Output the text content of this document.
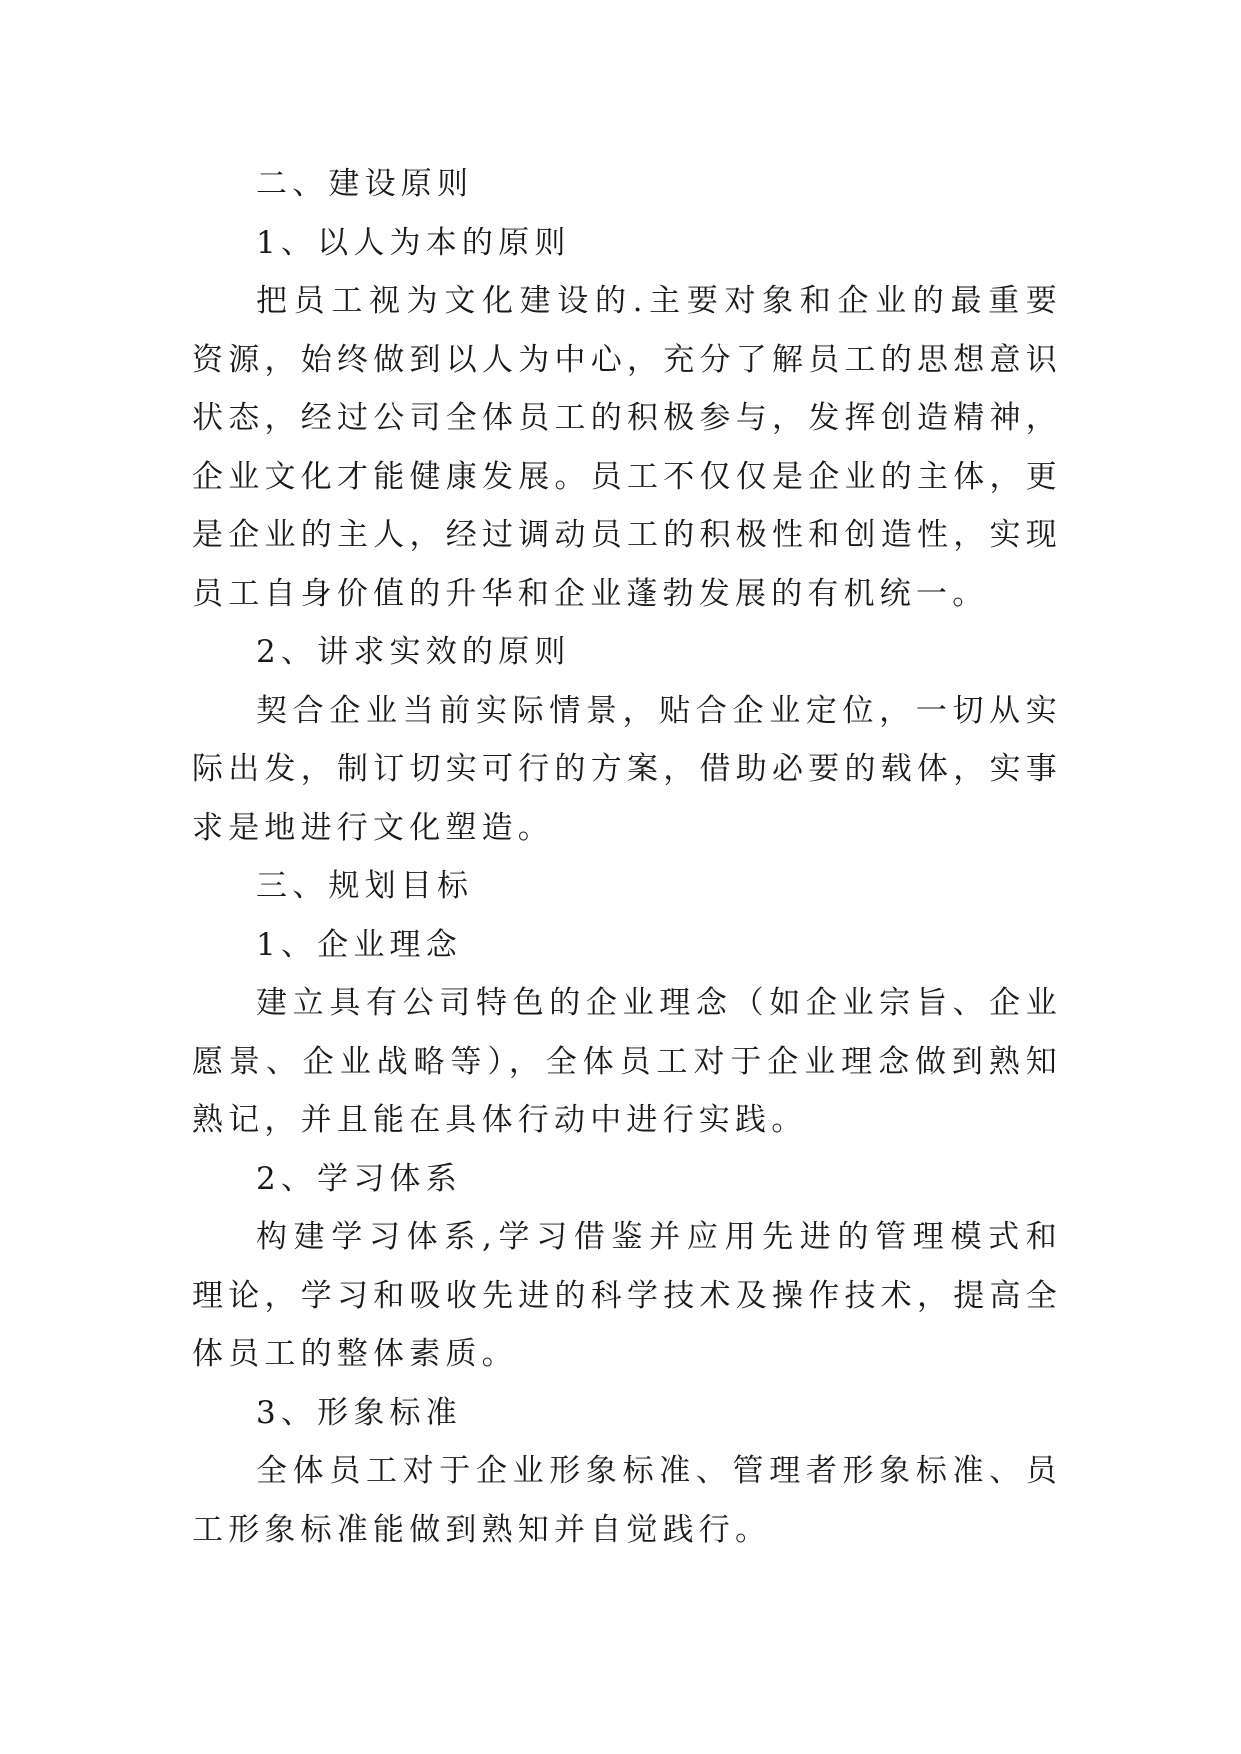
二、建设原则

1、以人为本的原则

把员工视为文化建设的.主要对象和企业的最重要资源，始终做到以人为中心，充分了解员工的思想意识状态，经过公司全体员工的积极参与，发挥创造精神，企业文化才能健康发展。员工不仅仅是企业的主体，更是企业的主人，经过调动员工的积极性和创造性，实现员工自身价值的升华和企业蓬勃发展的有机统一。

2、讲求实效的原则

契合企业当前实际情景，贴合企业定位，一切从实际出发，制订切实可行的方案，借助必要的载体，实事求是地进行文化塑造。

三、规划目标

1、企业理念

建立具有公司特色的企业理念（如企业宗旨、企业愿景、企业战略等），全体员工对于企业理念做到熟知熟记，并且能在具体行动中进行实践。

2、学习体系

构建学习体系,学习借鉴并应用先进的管理模式和理论，学习和吸收先进的科学技术及操作技术，提高全体员工的整体素质。

3、形象标准

全体员工对于企业形象标准、管理者形象标准、员工形象标准能做到熟知并自觉践行。
